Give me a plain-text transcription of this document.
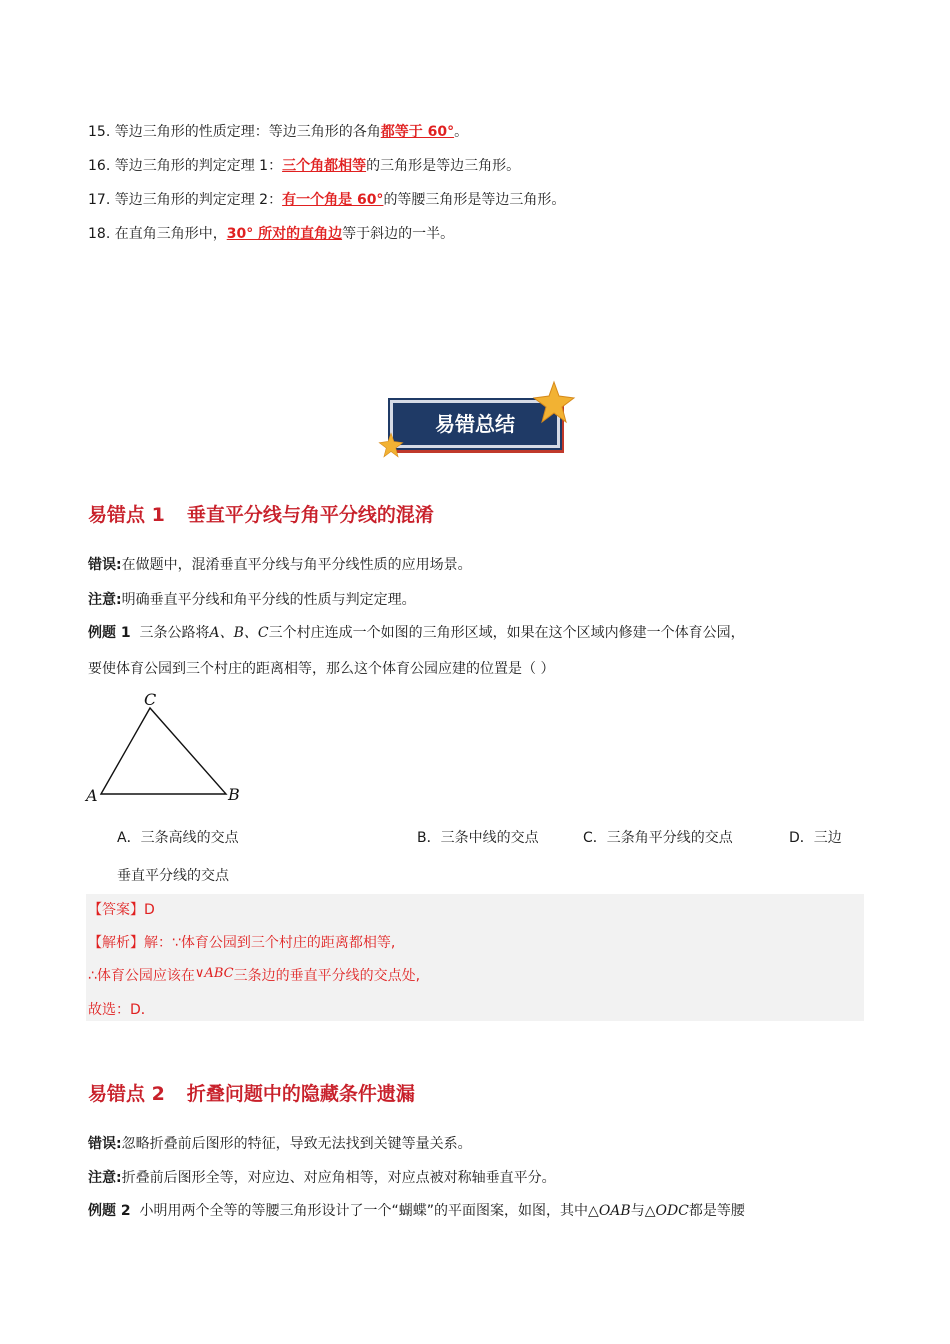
15. 等边三角形的性质定理：等边三角形的各角都等于 60°。
16. 等边三角形的判定定理 1：三个角都相等的三角形是等边三角形。
17. 等边三角形的判定定理 2：有一个角是 60°的等腰三角形是等边三角形。
18. 在直角三角形中，30° 所对的直角边等于斜边的一半。
易错总结
易错点 1 垂直平分线与角平分线的混淆
错误:在做题中，混淆垂直平分线与角平分线性质的应用场景。
注意:明确垂直平分线和角平分线的性质与判定定理。
例题 1 三条公路将A、B、C三个村庄连成一个如图的三角形区域，如果在这个区域内修建一个体育公园，
要使体育公园到三个村庄的距离相等，那么这个体育公园应建的位置是（ ）
C
A	B
A．三条高线的交点	B．三条中线的交点	C．三条角平分线的交点	D．三边
垂直平分线的交点
【答案】D
【解析】解：∵体育公园到三个村庄的距离都相等,
∴体育公园应该在∨ABC三条边的垂直平分线的交点处,
故选：D．
易错点 2 折叠问题中的隐藏条件遗漏
错误:忽略折叠前后图形的特征，导致无法找到关键等量关系。
注意:折叠前后图形全等，对应边、对应角相等，对应点被对称轴垂直平分。
例题 2 小明用两个全等的等腰三角形设计了一个“蝴蝶”的平面图案，如图，其中△OAB与△ODC都是等腰
